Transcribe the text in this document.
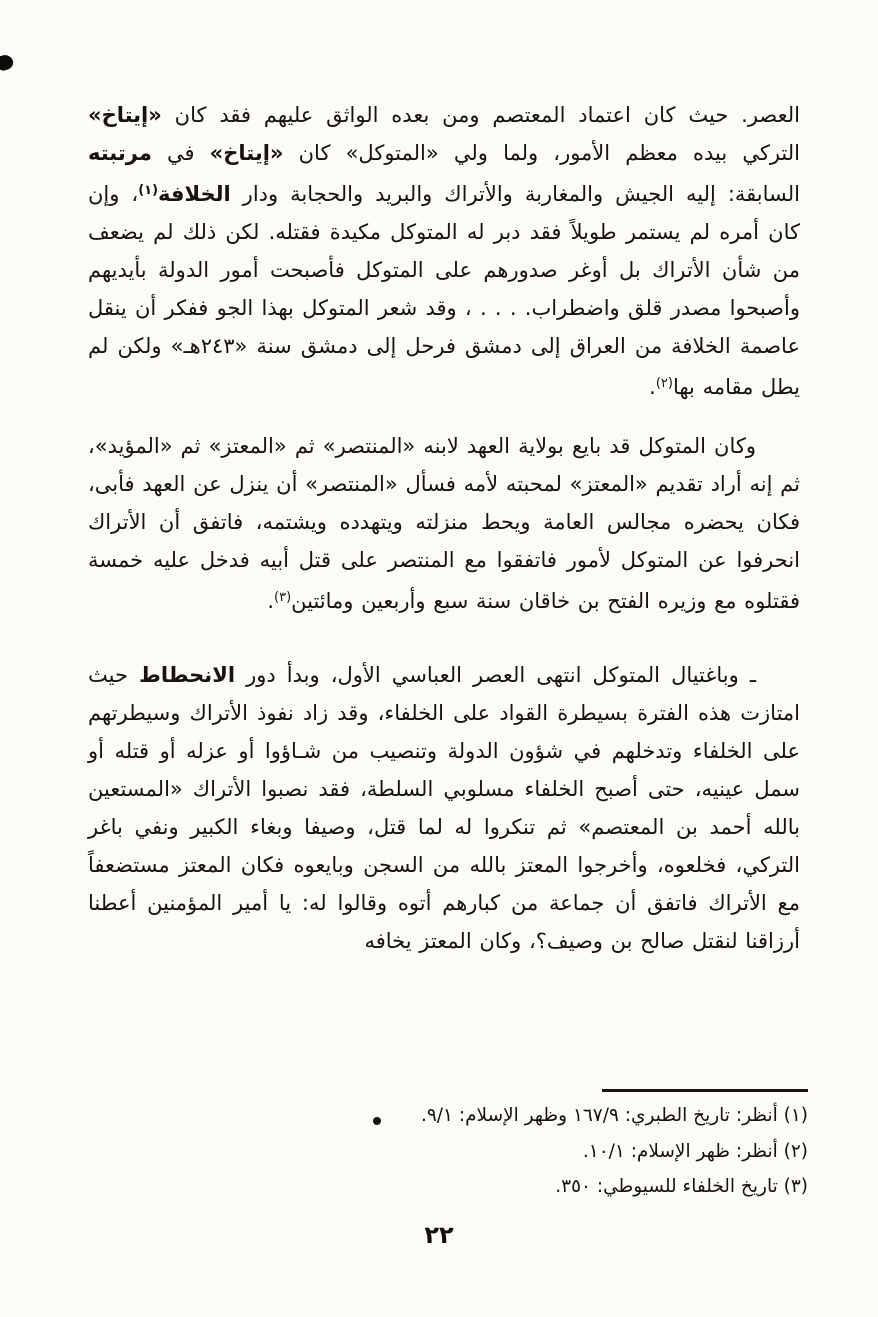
العصر. حيث كان اعتماد المعتصم ومن بعده الواثق عليهم فقد كان «إيتاخ» التركي بيده معظم الأمور، ولما ولي «المتوكل» كان «إيتاخ» في مرتبته السابقة: إليه الجيش والمغاربة والأتراك والبريد والحجابة ودار الخلافة$^{(١)}$، وإن كان أمره لم يستمر طويلاً فقد دبر له المتوكل مكيدة فقتله. لكن ذلك لم يضعف من شأن الأتراك بل أوغر صدورهم على المتوكل فأصبحت أمور الدولة بأيديهم وأصبحوا مصدر قلق واضطراب. . . . ، وقد شعر المتوكل بهذا الجو ففكر أن ينقل عاصمة الخلافة من العراق إلى دمشق فرحل إلى دمشق سنة «٢٤٣هـ» ولكن لم يطل مقامه بها$^{(٢)}$.

وكان المتوكل قد بايع بولاية العهد لابنه «المنتصر» ثم «المعتز» ثم «المؤيد»، ثم إنه أراد تقديم «المعتز» لمحبته لأمه فسأل «المنتصر» أن ينزل عن العهد فأبى، فكان يحضره مجالس العامة ويحط منزلته ويتهدده ويشتمه، فاتفق أن الأتراك انحرفوا عن المتوكل لأمور فاتفقوا مع المنتصر على قتل أبيه فدخل عليه خمسة فقتلوه مع وزيره الفتح بن خاقان سنة سبع وأربعين ومائتين$^{(٣)}$.

ـ وباغتيال المتوكل انتهى العصر العباسي الأول، وبدأ دور الانحطاط حيث امتازت هذه الفترة بسيطرة القواد على الخلفاء، وقد زاد نفوذ الأتراك وسيطرتهم على الخلفاء وتدخلهم في شؤون الدولة وتنصيب من شـاؤوا أو عزله أو قتله أو سمل عينيه، حتى أصبح الخلفاء مسلوبي السلطة، فقد نصبوا الأتراك «المستعين بالله أحمد بن المعتصم» ثم تنكروا له لما قتل، وصيفا وبغاء الكبير ونفي باغر التركي، فخلعوه، وأخرجوا المعتز بالله من السجن وبايعوه فكان المعتز مستضعفاً مع الأتراك فاتفق أن جماعة من كبارهم أتوه وقالوا له: يا أمير المؤمنين أعطنا أرزاقنا لنقتل صالح بن وصيف؟، وكان المعتز يخافه

(١) أنظر: تاريخ الطبري: ١٦٧/٩ وظهر الإسلام: ٩/١.
(٢) أنظر: ظهر الإسلام: ١٠/١.
(٣) تاريخ الخلفاء للسيوطي: ٣٥٠.
٢٢
